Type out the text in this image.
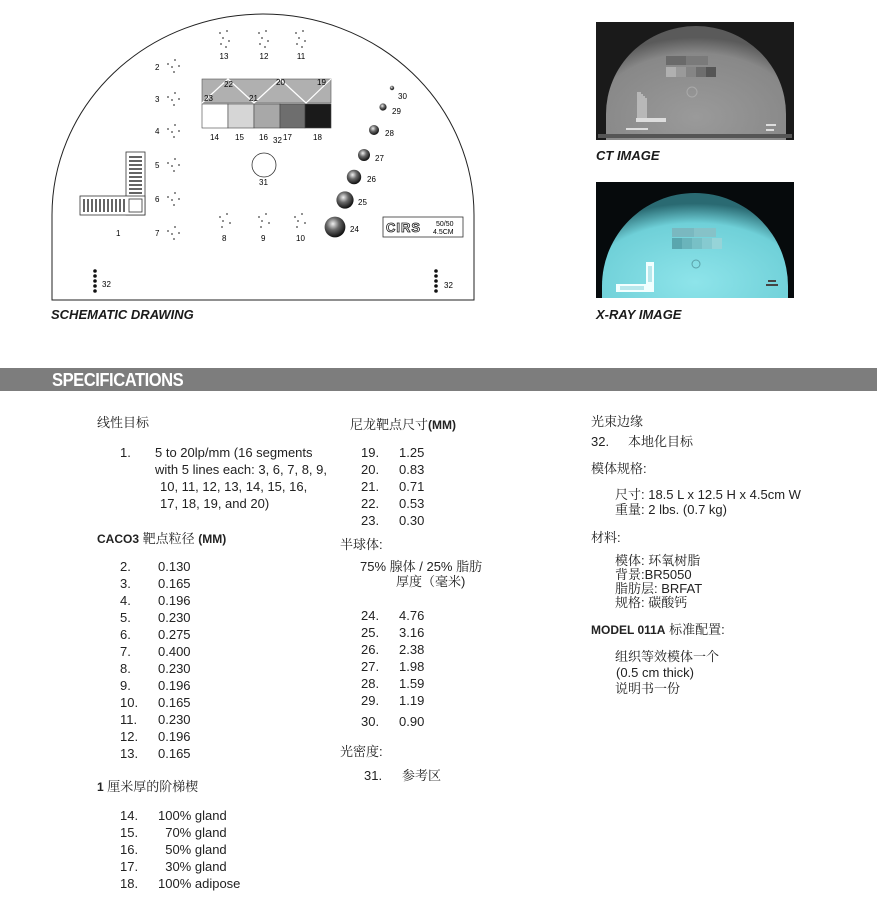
13	12	11
2
3
4
5
6
7
22	20	19
23	21
14 15 16 32 17	18
31
1
8	9	10
30
29
28
27
26
25
24 CIRS 50/50
4.5CM
32	32
SCHEMATIC DRAWING
CT IMAGE
X-RAY IMAGE
SPECIFICATIONS
线性目标
1.	5 to 20lp/mm (16 segments
with 5 lines each: 3, 6, 7, 8, 9,
10, 11, 12, 13, 14, 15, 16,
17, 18, 19, and 20)
CACO3 靶点粒径 (MM)
2.	0.130
3.	0.165
4.	0.196
5.	0.230
6.	0.275
7.	0.400
8.	0.230
9.	0.196
10.	0.165
11.	0.230
12.	0.196
13.	0.165
1 厘米厚的阶梯楔
14.	100% gland
15.	70% gland
16.	50% gland
17.	30% gland
18.	100% adipose
尼龙靶点尺寸(MM)
19.	1.25
20.	0.83
21.	0.71
22.	0.53
23.	0.30
半球体:
75% 腺体 / 25% 脂肪
厚度（毫米)
24.	4.76
25.	3.16
26.	2.38
27.	1.98
28.	1.59
29.	1.19
30.	0.90
光密度:
31.	参考区
光束边缘
32.	本地化目标
模体规格:
尺寸: 18.5 L x 12.5 H x 4.5cm W
重量: 2 lbs. (0.7 kg)
材料:
模体: 环氧树脂
背景:BR5050
脂肪层: BRFAT
规格: 碳酸钙
MODEL 011A 标准配置:
组织等效模体一个
(0.5 cm thick)
说明书一份
